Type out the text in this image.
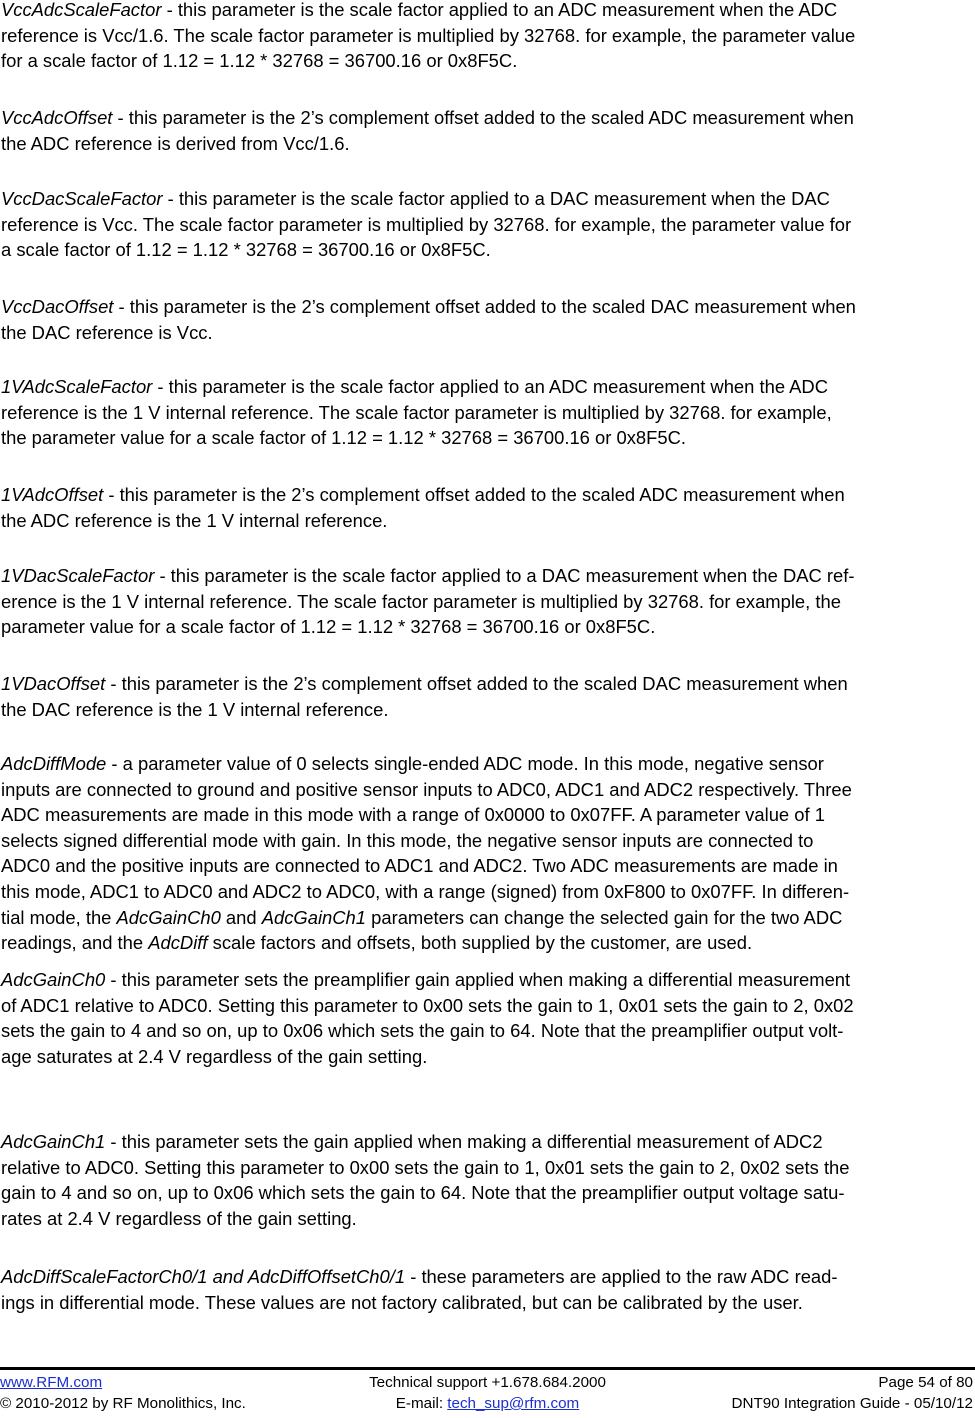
VccAdcScaleFactor - this parameter is the scale factor applied to an ADC measurement when the ADC
reference is Vcc/1.6. The scale factor parameter is multiplied by 32768. for example, the parameter value
for a scale factor of 1.12 = 1.12 * 32768 = 36700.16 or 0x8F5C.
VccAdcOffset - this parameter is the 2’s complement offset added to the scaled ADC measurement when
the ADC reference is derived from Vcc/1.6.
VccDacScaleFactor - this parameter is the scale factor applied to a DAC measurement when the DAC
reference is Vcc. The scale factor parameter is multiplied by 32768. for example, the parameter value for
a scale factor of 1.12 = 1.12 * 32768 = 36700.16 or 0x8F5C.
VccDacOffset - this parameter is the 2’s complement offset added to the scaled DAC measurement when
the DAC reference is Vcc.
1VAdcScaleFactor - this parameter is the scale factor applied to an ADC measurement when the ADC
reference is the 1 V internal reference. The scale factor parameter is multiplied by 32768. for example,
the parameter value for a scale factor of 1.12 = 1.12 * 32768 = 36700.16 or 0x8F5C.
1VAdcOffset - this parameter is the 2’s complement offset added to the scaled ADC measurement when
the ADC reference is the 1 V internal reference.
1VDacScaleFactor - this parameter is the scale factor applied to a DAC measurement when the DAC ref-
erence is the 1 V internal reference. The scale factor parameter is multiplied by 32768. for example, the
parameter value for a scale factor of 1.12 = 1.12 * 32768 = 36700.16 or 0x8F5C.
1VDacOffset - this parameter is the 2’s complement offset added to the scaled DAC measurement when
the DAC reference is the 1 V internal reference.
AdcDiffMode - a parameter value of 0 selects single-ended ADC mode. In this mode, negative sensor
inputs are connected to ground and positive sensor inputs to ADC0, ADC1 and ADC2 respectively. Three
ADC measurements are made in this mode with a range of 0x0000 to 0x07FF. A parameter value of 1
selects signed differential mode with gain. In this mode, the negative sensor inputs are connected to
ADC0 and the positive inputs are connected to ADC1 and ADC2. Two ADC measurements are made in
this mode, ADC1 to ADC0 and ADC2 to ADC0, with a range (signed) from 0xF800 to 0x07FF. In differen-
tial mode, the AdcGainCh0 and AdcGainCh1 parameters can change the selected gain for the two ADC
readings, and the AdcDiff scale factors and offsets, both supplied by the customer, are used.
AdcGainCh0 - this parameter sets the preamplifier gain applied when making a differential measurement
of ADC1 relative to ADC0. Setting this parameter to 0x00 sets the gain to 1, 0x01 sets the gain to 2, 0x02
sets the gain to 4 and so on, up to 0x06 which sets the gain to 64. Note that the preamplifier output volt-
age saturates at 2.4 V regardless of the gain setting.
AdcGainCh1 - this parameter sets the gain applied when making a differential measurement of ADC2
relative to ADC0. Setting this parameter to 0x00 sets the gain to 1, 0x01 sets the gain to 2, 0x02 sets the
gain to 4 and so on, up to 0x06 which sets the gain to 64. Note that the preamplifier output voltage satu-
rates at 2.4 V regardless of the gain setting.
AdcDiffScaleFactorCh0/1 and AdcDiffOffsetCh0/1 - these parameters are applied to the raw ADC read-
ings in differential mode. These values are not factory calibrated, but can be calibrated by the user.
www.RFM.com	Technical support +1.678.684.2000	Page 54 of 80
© 2010-2012 by RF Monolithics, Inc.	E-mail: tech_sup@rfm.com	DNT90 Integration Guide - 05/10/12
